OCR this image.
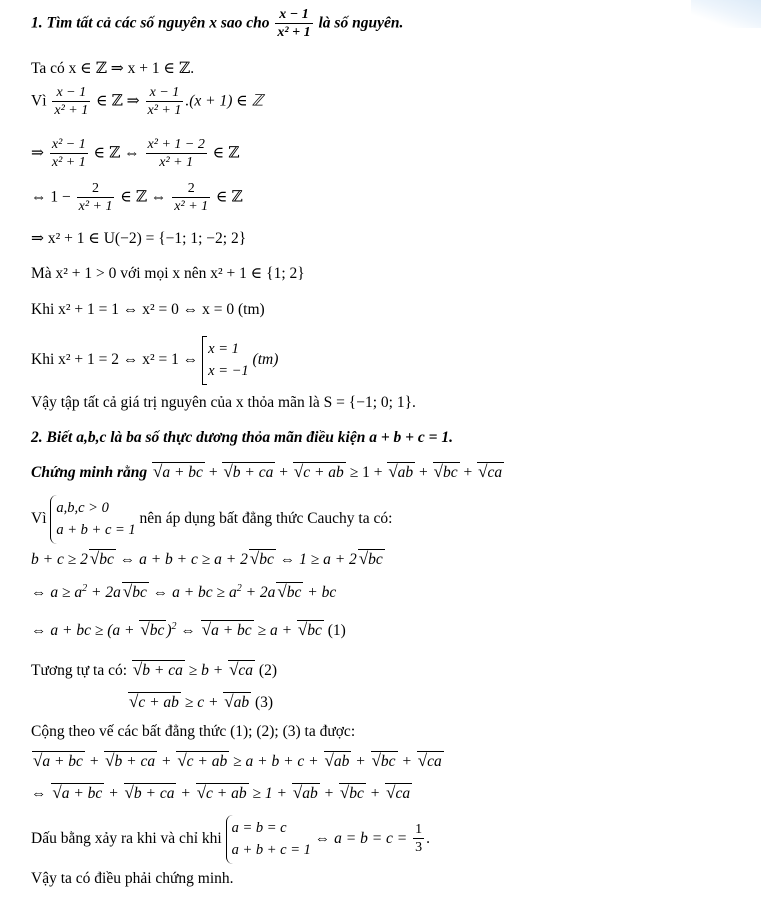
1. Tìm tất cả các số nguyên x sao cho $\frac{x - 1}{\text{x² + 1}}$ là số nguyên.
Ta có x ∈ ℤ ⇒ x + 1 ∈ ℤ.
Vì $\frac{x - 1}{\text{x² + 1}}$ ∈ ℤ ⇒ $\frac{x - 1}{\text{x² + 1}} .(x + 1)$ ∈ ℤ
⇒ $\frac{\text{x² − 1}}{\text{x² + 1}}$ ∈ ℤ ⇔ $\frac{\text{x² + 1 − 2}}{\text{x² + 1}}$ ∈ ℤ
⇔ $1 - \frac{2}{\text{x² + 1}}$ ∈ ℤ ⇔ $\frac{2}{\text{x² + 1}}$ ∈ ℤ
⇒ x² + 1 ∈ U(−2) = {−1; 1; −2; 2}
Mà x² + 1 > 0 với mọi x nên x² + 1 ∈ {1; 2}
Khi x² + 1 = 1 ⇔ x² = 0 ⇔ x = 0 (tm)
Khi x² + 1 = 2 ⇔ x² = 1 ⇔
x = 1
x = −1
(tm)
Vậy tập tất cả giá trị nguyên của x thỏa mãn là S = {−1; 0; 1}.
2. Biết a,b,c là ba số thực dương thỏa mãn điều kiện a + b + c = 1.
Chứng minh rằng √ a + bc + √ b + ca + √ c + ab ≥ 1 + √ ab + √ bc + √ ca
Vì
a,b,c > 0
a + b + c = 1
nên áp dụng bất đẳng thức Cauchy ta có:
b + c ≥ 2√ bc ⇔ a + b + c ≥ a + 2√ bc ⇔ 1 ≥ a + 2√ bc
⇔ $a \ge a^2 + 2a√$ bc ⇔ a + bc ≥ $a^2 + 2a√$ bc + bc
⇔ a + bc ≥ (a + √ bc )$^2$ ⇔ √ a + bc ≥ a + √ bc (1)
Tương tự ta có: √ b + ca ≥ b + √ ca (2)
√ c + ab ≥ c + √ ab (3)
Cộng theo vế các bất đẳng thức (1); (2); (3) ta được:
√ a + bc + √ b + ca + √ c + ab ≥ a + b + c + √ ab + √ bc + √ ca
⇔ √ a + bc + √ b + ca + √ c + ab ≥ 1 + √ ab + √ bc + √ ca
Dấu bằng xảy ra khi và chỉ khi
a = b = c
a + b + c = 1
⇔ $a = b = c = \frac{1}{3}$ .
Vậy ta có điều phải chứng minh.
